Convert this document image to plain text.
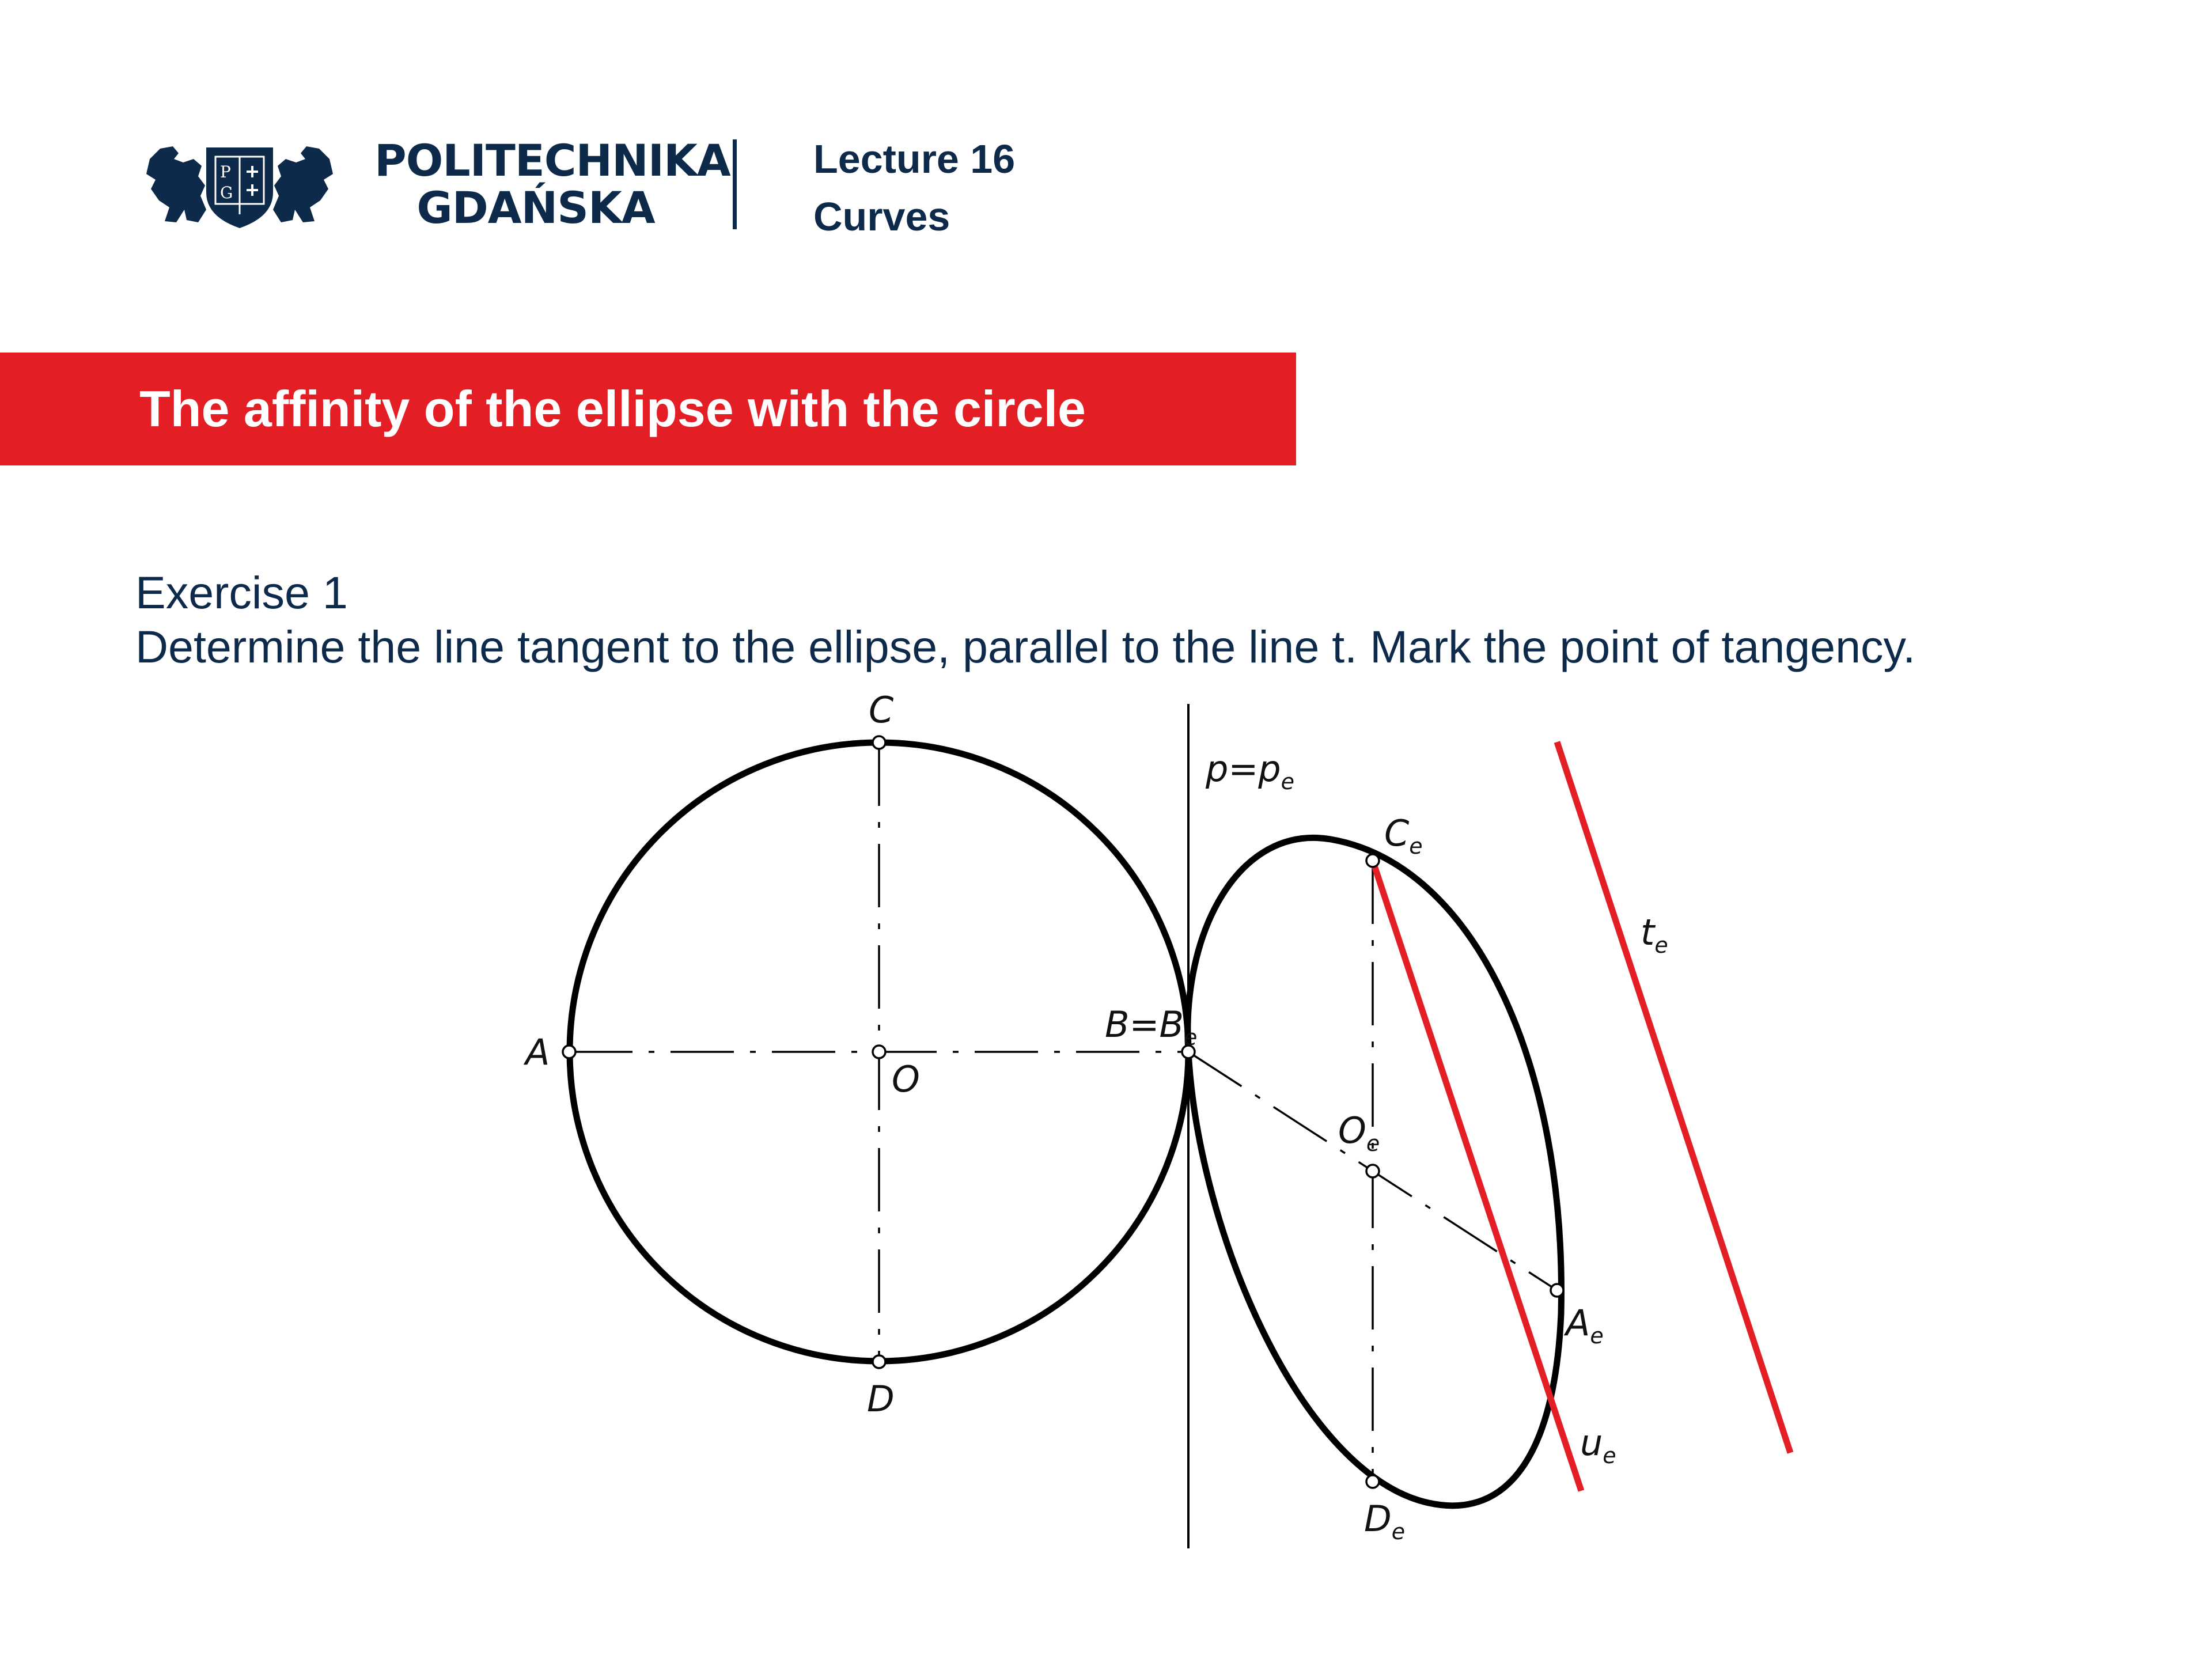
P
G
POLITECHNIKA
GDAŃSKA
Lecture 16
Curves
The affinity of the ellipse with the circle
Exercise 1
Determine the line tangent to the ellipse, parallel to the line t. Mark the point of tangency.
C
A
O
D
$B=B_e$
$p=p_e$
$C_e$
$O_e$
$A_e$
$D_e$
$t_e$
$u_e$
